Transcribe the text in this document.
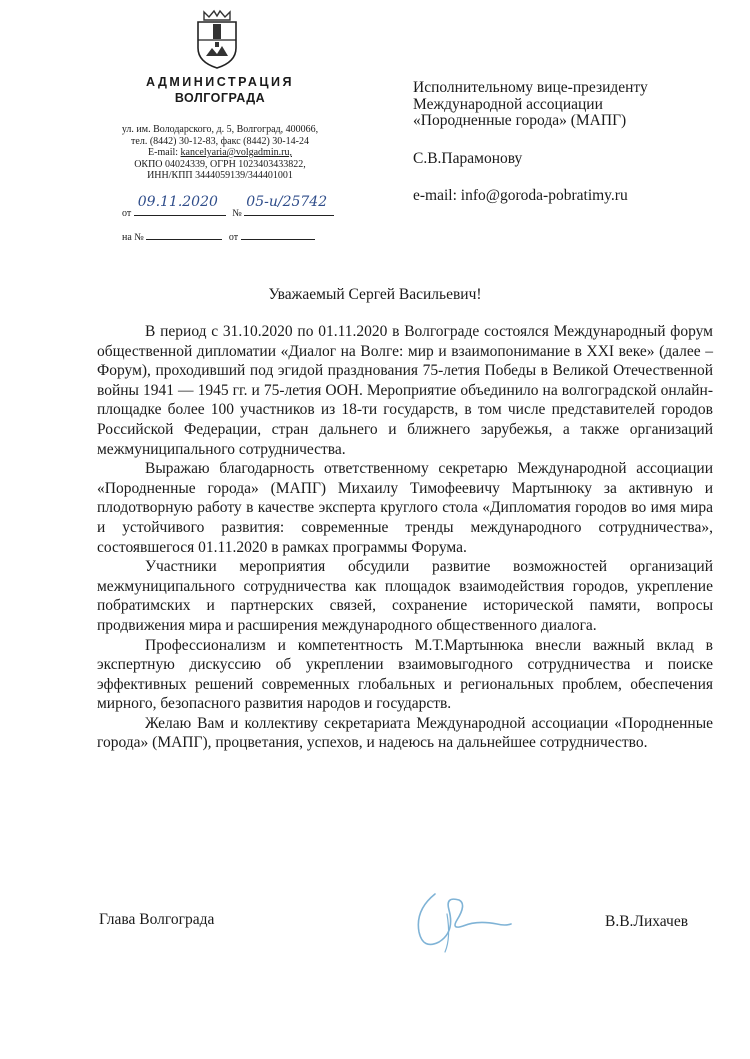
АДМИНИСТРАЦИЯ
ВОЛГОГРАДА
ул. им. Володарского, д. 5, Волгоград, 400066,
тел. (8442) 30-12-83, факс (8442) 30-14-24
E-mail: kancelyaria@volgadmin.ru,
ОКПО 04024339, ОГРН 1023403433822,
ИНН/КПП 3444059139/344401001
от
09.11.2020
№
05-и/25742
на №	от
Исполнительному вице-президенту
Международной ассоциации
«Породненные города» (МАПГ)
С.В.Парамонову
e-mail: info@goroda-pobratimy.ru
Уважаемый Сергей Васильевич!

В период с 31.10.2020 по 01.11.2020 в Волгограде состоялся Международный форум общественной дипломатии «Диалог на Волге: мир и взаимопонимание в XXI веке» (далее – Форум), проходивший под эгидой празднования 75-летия Победы в Великой Отечественной войны 1941 — 1945 гг. и 75-летия ООН. Мероприятие объединило на волгоградской онлайн-площадке более 100 участников из 18-ти государств, в том числе представителей городов Российской Федерации, стран дальнего и ближнего зарубежья, а также организаций межмуниципального сотрудничества.

Выражаю благодарность ответственному секретарю Международной ассоциации «Породненные города» (МАПГ) Михаилу Тимофеевичу Мартынюку за активную и плодотворную работу в качестве эксперта круглого стола «Дипломатия городов во имя мира и устойчивого развития: современные тренды международного сотрудничества», состоявшегося 01.11.2020 в рамках программы Форума.

Участники мероприятия обсудили развитие возможностей организаций межмуниципального сотрудничества как площадок взаимодействия городов, укрепление побратимских и партнерских связей, сохранение исторической памяти, вопросы продвижения мира и расширения международного общественного диалога.

Профессионализм и компетентность М.Т.Мартынюка внесли важный вклад в экспертную дискуссию об укреплении взаимовыгодного сотрудничества и поиске эффективных решений современных глобальных и региональных проблем, обеспечения мирного, безопасного развития народов и государств.

Желаю Вам и коллективу секретариата Международной ассоциации «Породненные города» (МАПГ), процветания, успехов, и надеюсь на дальнейшее сотрудничество.

Глава Волгограда	В.В.Лихачев
